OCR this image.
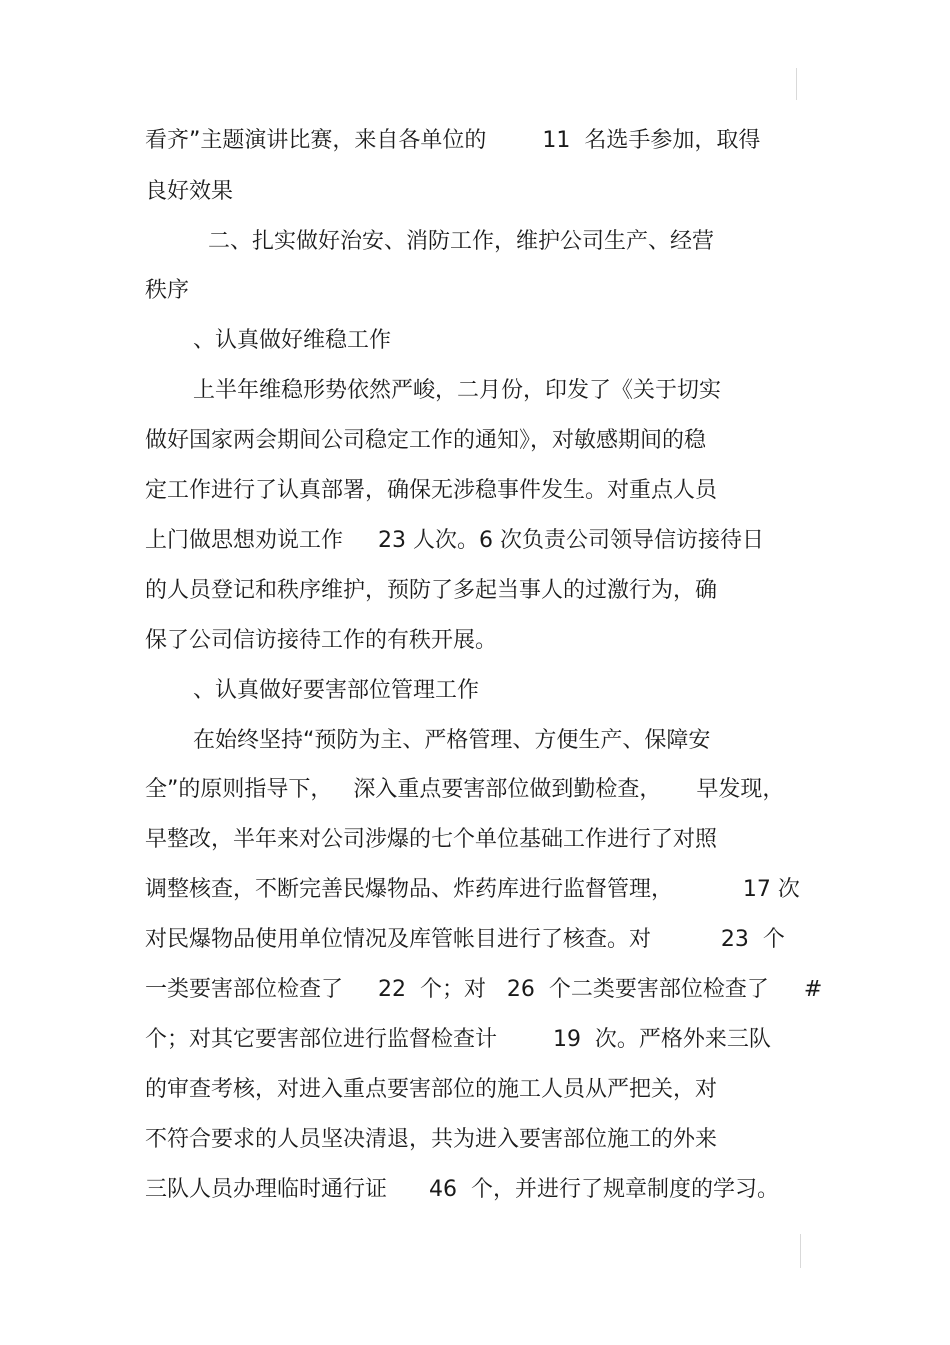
看齐”主题演讲比赛，来自各单位的        11  名选手参加，取得
良好效果
二、扎实做好治安、消防工作，维护公司生产、经营
秩序
、认真做好维稳工作
上半年维稳形势依然严峻，二月份，印发了《关于切实
做好国家两会期间公司稳定工作的通知》，对敏感期间的稳
定工作进行了认真部署，确保无涉稳事件发生。对重点人员
上门做思想劝说工作     23 人次。6 次负责公司领导信访接待日
的人员登记和秩序维护，预防了多起当事人的过激行为，确
保了公司信访接待工作的有秩开展。
、认真做好要害部位管理工作
在始终坚持“预防为主、严格管理、方便生产、保障安
全”的原则指导下，   深入重点要害部位做到勤检查，     早发现，
早整改，半年来对公司涉爆的七个单位基础工作进行了对照
调整核查，不断完善民爆物品、炸药库进行监督管理，          17 次
对民爆物品使用单位情况及库管帐目进行了核查。对          23  个
一类要害部位检查了     22  个；对   26  个二类要害部位检查了     #
个；对其它要害部位进行监督检查计        19  次。严格外来三队
的审查考核，对进入重点要害部位的施工人员从严把关，对
不符合要求的人员坚决清退，共为进入要害部位施工的外来
三队人员办理临时通行证      46  个，并进行了规章制度的学习。
